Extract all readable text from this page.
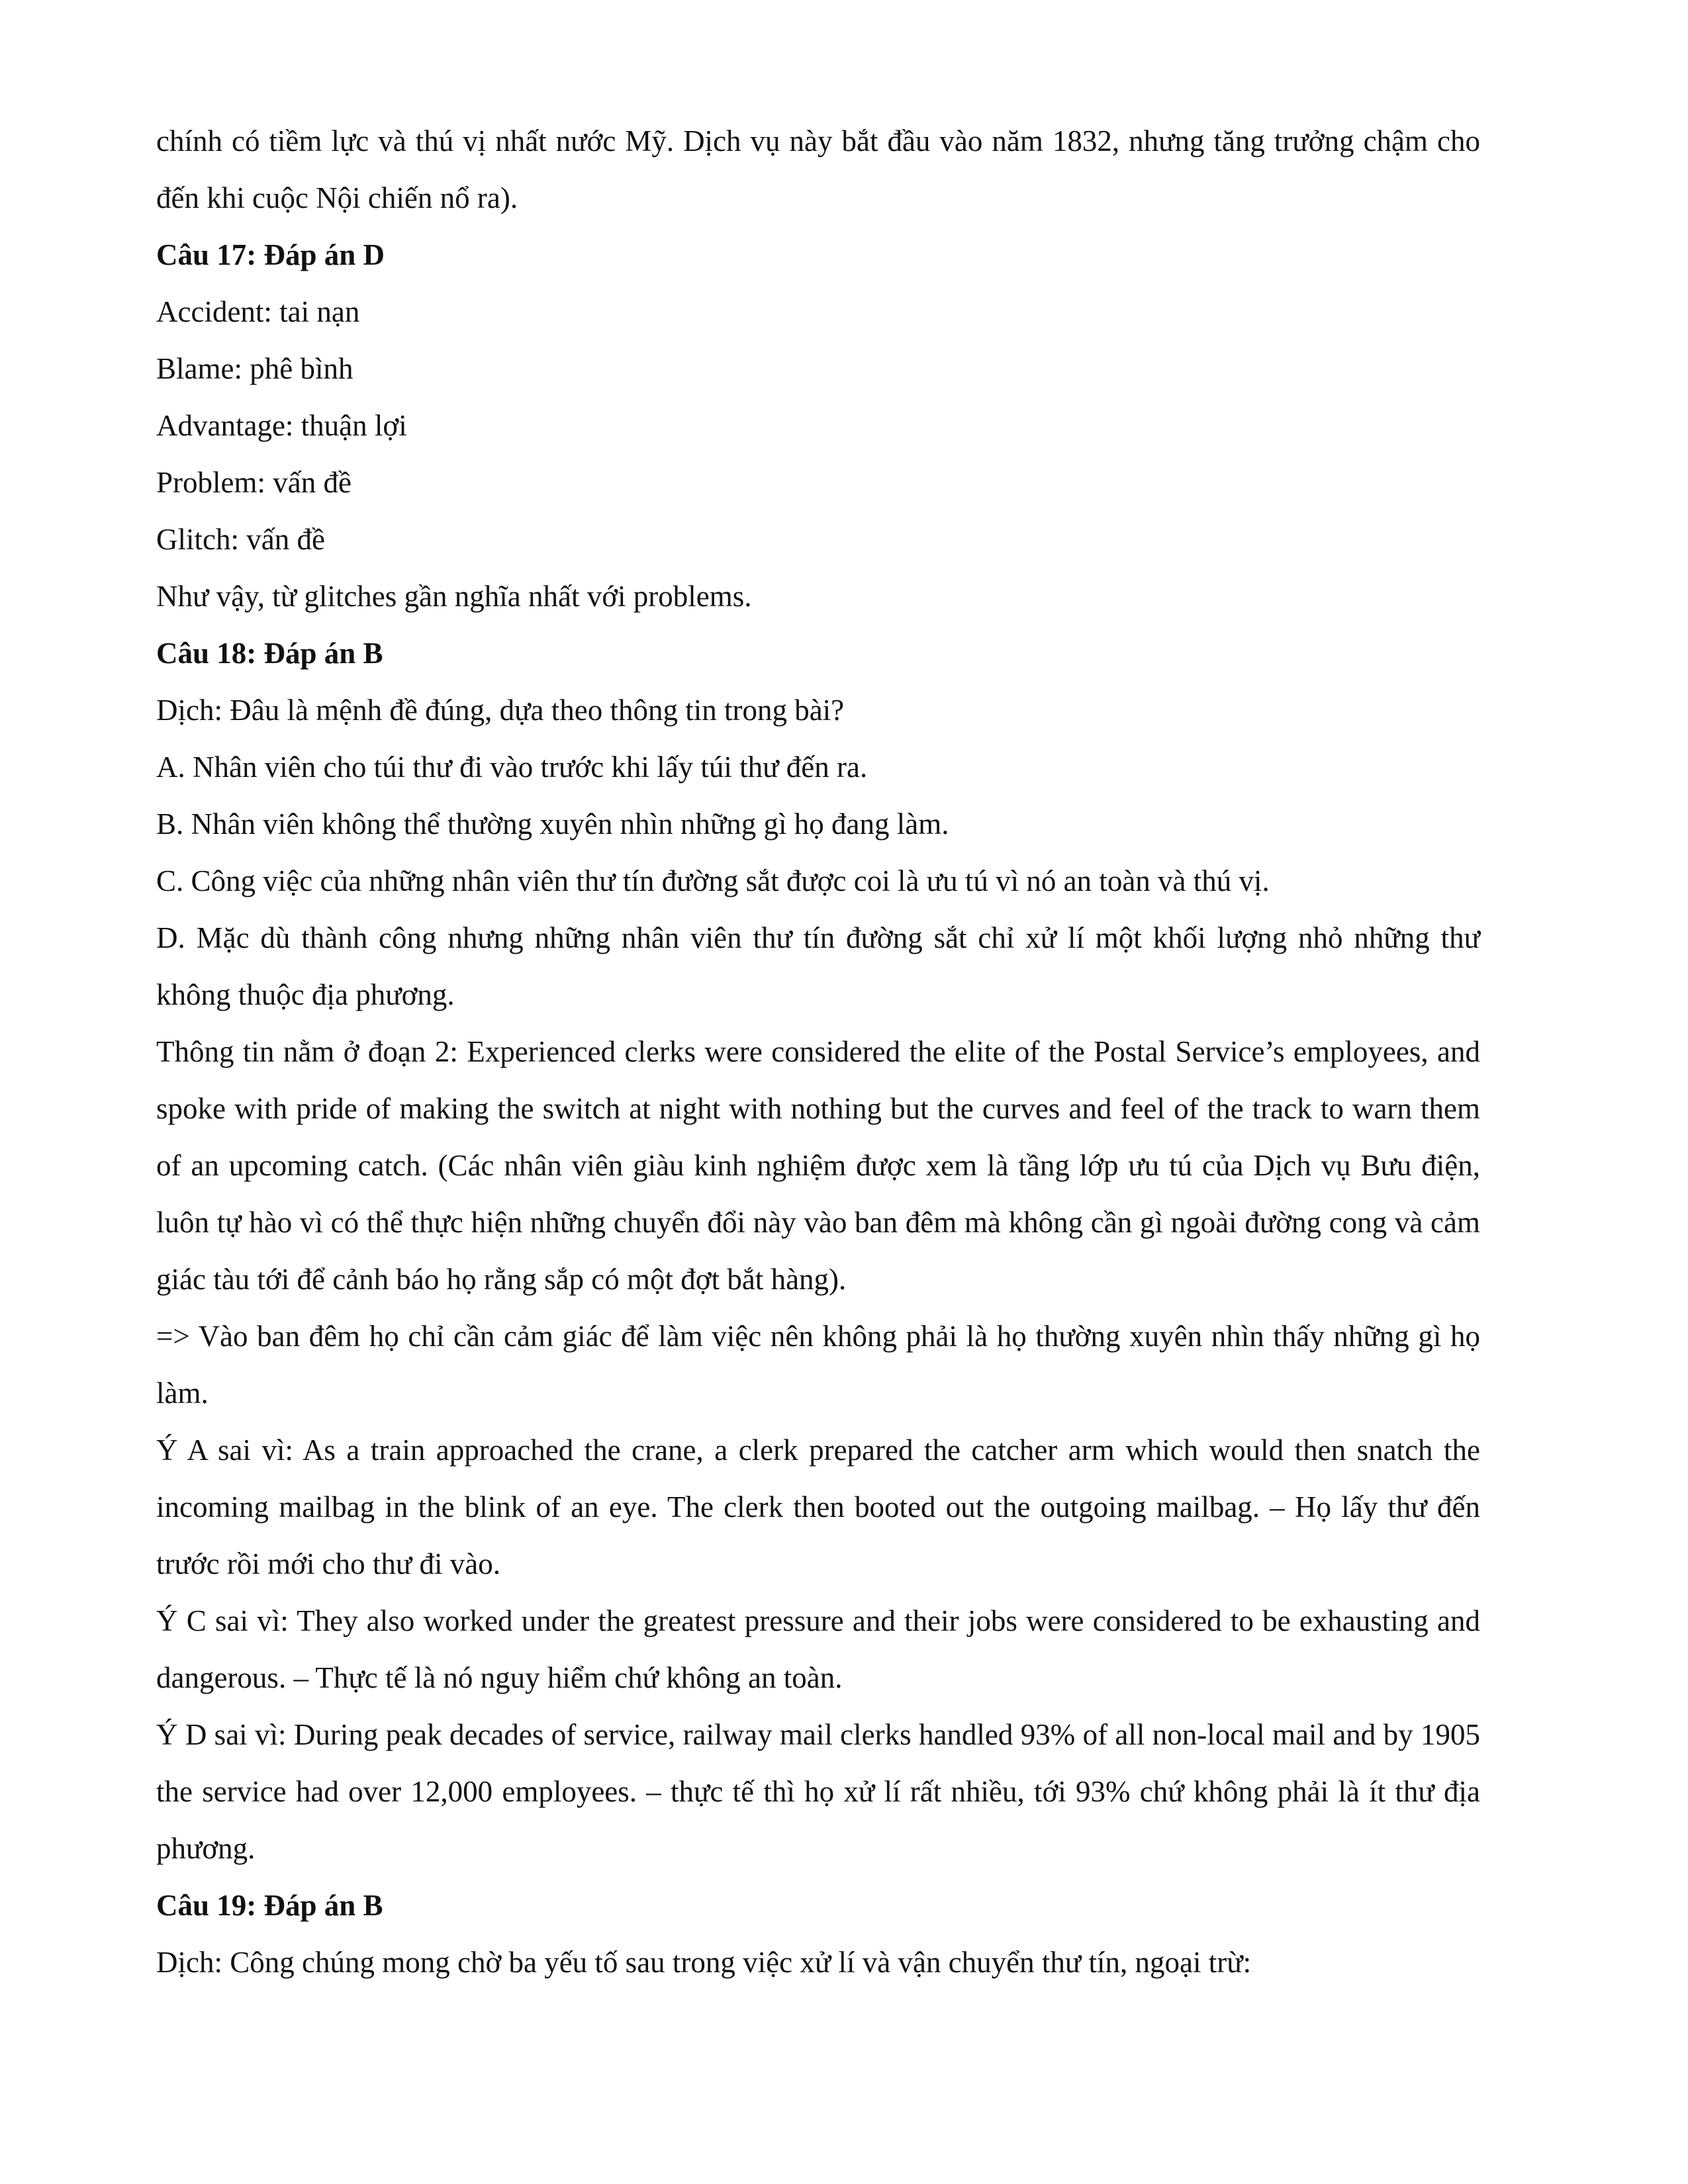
chính có tiềm lực và thú vị nhất nước Mỹ. Dịch vụ này bắt đầu vào năm 1832, nhưng tăng trưởng chậm cho đến khi cuộc Nội chiến nổ ra).

Câu 17: Đáp án D

Accident: tai nạn

Blame: phê bình

Advantage: thuận lợi

Problem: vấn đề

Glitch: vấn đề

Như vậy, từ glitches gần nghĩa nhất với problems.

Câu 18: Đáp án B

Dịch: Đâu là mệnh đề đúng, dựa theo thông tin trong bài?

A. Nhân viên cho túi thư đi vào trước khi lấy túi thư đến ra.

B. Nhân viên không thể thường xuyên nhìn những gì họ đang làm.

C. Công việc của những nhân viên thư tín đường sắt được coi là ưu tú vì nó an toàn và thú vị.

D. Mặc dù thành công nhưng những nhân viên thư tín đường sắt chỉ xử lí một khối lượng nhỏ những thư không thuộc địa phương.

Thông tin nằm ở đoạn 2: Experienced clerks were considered the elite of the Postal Service’s employees, and spoke with pride of making the switch at night with nothing but the curves and feel of the track to warn them of an upcoming catch. (Các nhân viên giàu kinh nghiệm được xem là tầng lớp ưu tú của Dịch vụ Bưu điện, luôn tự hào vì có thể thực hiện những chuyển đổi này vào ban đêm mà không cần gì ngoài đường cong và cảm giác tàu tới để cảnh báo họ rằng sắp có một đợt bắt hàng).

=> Vào ban đêm họ chỉ cần cảm giác để làm việc nên không phải là họ thường xuyên nhìn thấy những gì họ làm.

Ý A sai vì: As a train approached the crane, a clerk prepared the catcher arm which would then snatch the incoming mailbag in the blink of an eye. The clerk then booted out the outgoing mailbag. – Họ lấy thư đến trước rồi mới cho thư đi vào.

Ý C sai vì: They also worked under the greatest pressure and their jobs were considered to be exhausting and dangerous. – Thực tế là nó nguy hiểm chứ không an toàn.

Ý D sai vì: During peak decades of service, railway mail clerks handled 93% of all non-local mail and by 1905 the service had over 12,000 employees. – thực tế thì họ xử lí rất nhiều, tới 93% chứ không phải là ít thư địa phương.

Câu 19: Đáp án B

Dịch: Công chúng mong chờ ba yếu tố sau trong việc xử lí và vận chuyển thư tín, ngoại trừ:
